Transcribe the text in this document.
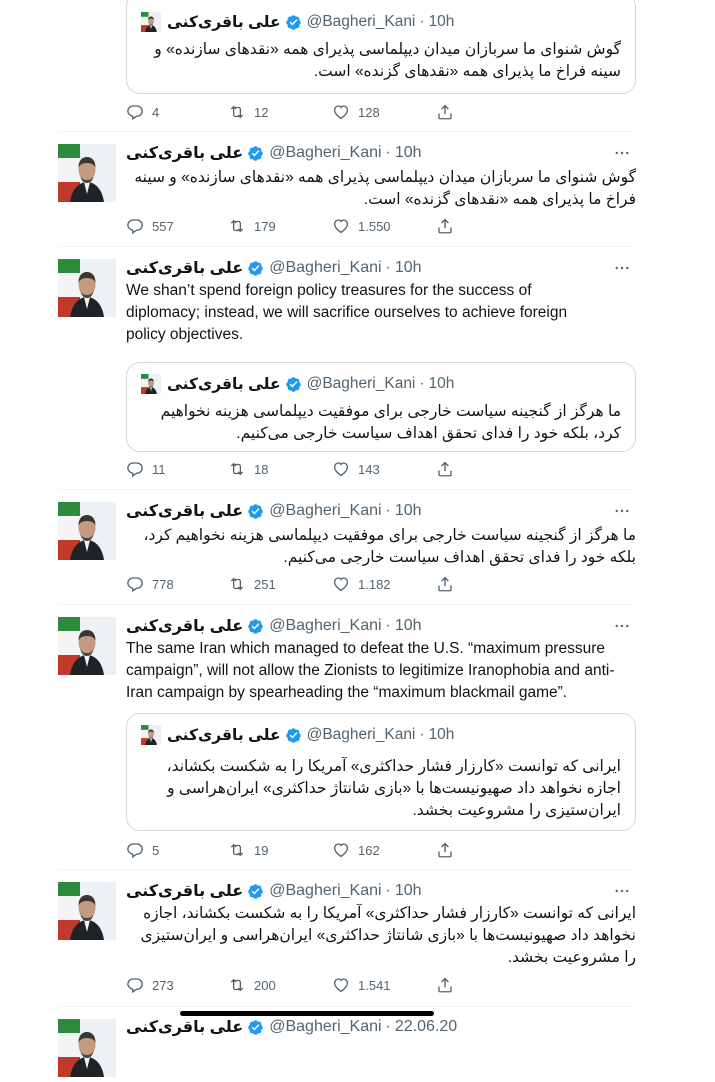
علی باقری‌کنی @Bagheri_Kani · 10h
گوش شنوای ما سربازان میدان دیپلماسی پذیرای همه «نقدهای سازنده» و سینه فراخ ما پذیرای همه «نقدهای گزنده» است.
4	12	128
علی باقری‌کنی @Bagheri_Kani · 10h
گوش شنوای ما سربازان میدان دیپلماسی پذیرای همه «نقدهای سازنده» و سینه فراخ ما پذیرای همه «نقدهای گزنده» است.
557	179	1.550
علی باقری‌کنی @Bagheri_Kani · 10h
We shan’t spend foreign policy treasures for the success of diplomacy; instead, we will sacrifice ourselves to achieve foreign policy objectives.
علی باقری‌کنی @Bagheri_Kani · 10h
ما هرگز از گنجینه سیاست خارجی برای موفقیت دیپلماسی هزینه نخواهیم کرد، بلکه خود را فدای تحقق اهداف سیاست خارجی می‌کنیم.
11	18	143
علی باقری‌کنی @Bagheri_Kani · 10h
ما هرگز از گنجینه سیاست خارجی برای موفقیت دیپلماسی هزینه نخواهیم کرد، بلکه خود را فدای تحقق اهداف سیاست خارجی می‌کنیم.
778	251	1.182
علی باقری‌کنی @Bagheri_Kani · 10h
The same Iran which managed to defeat the U.S. “maximum pressure campaign”, will not allow the Zionists to legitimize Iranophobia and anti-Iran campaign by spearheading the “maximum blackmail game”.
علی باقری‌کنی @Bagheri_Kani · 10h
ایرانی که توانست «کارزار فشار حداکثری» آمریکا را به شکست بکشاند، اجازه نخواهد داد صهیونیست‌ها با «بازی شانتاژ حداکثری» ایران‌هراسی و ایران‌ستیزی را مشروعیت بخشد.
5	19	162
علی باقری‌کنی @Bagheri_Kani · 10h
ایرانی که توانست «کارزار فشار حداکثری» آمریکا را به شکست بکشاند، اجازه نخواهد داد صهیونیست‌ها با «بازی شانتاژ حداکثری» ایران‌هراسی و ایران‌ستیزی را مشروعیت بخشد.
273	200	1.541
علی باقری‌کنی @Bagheri_Kani · 22.06.20
